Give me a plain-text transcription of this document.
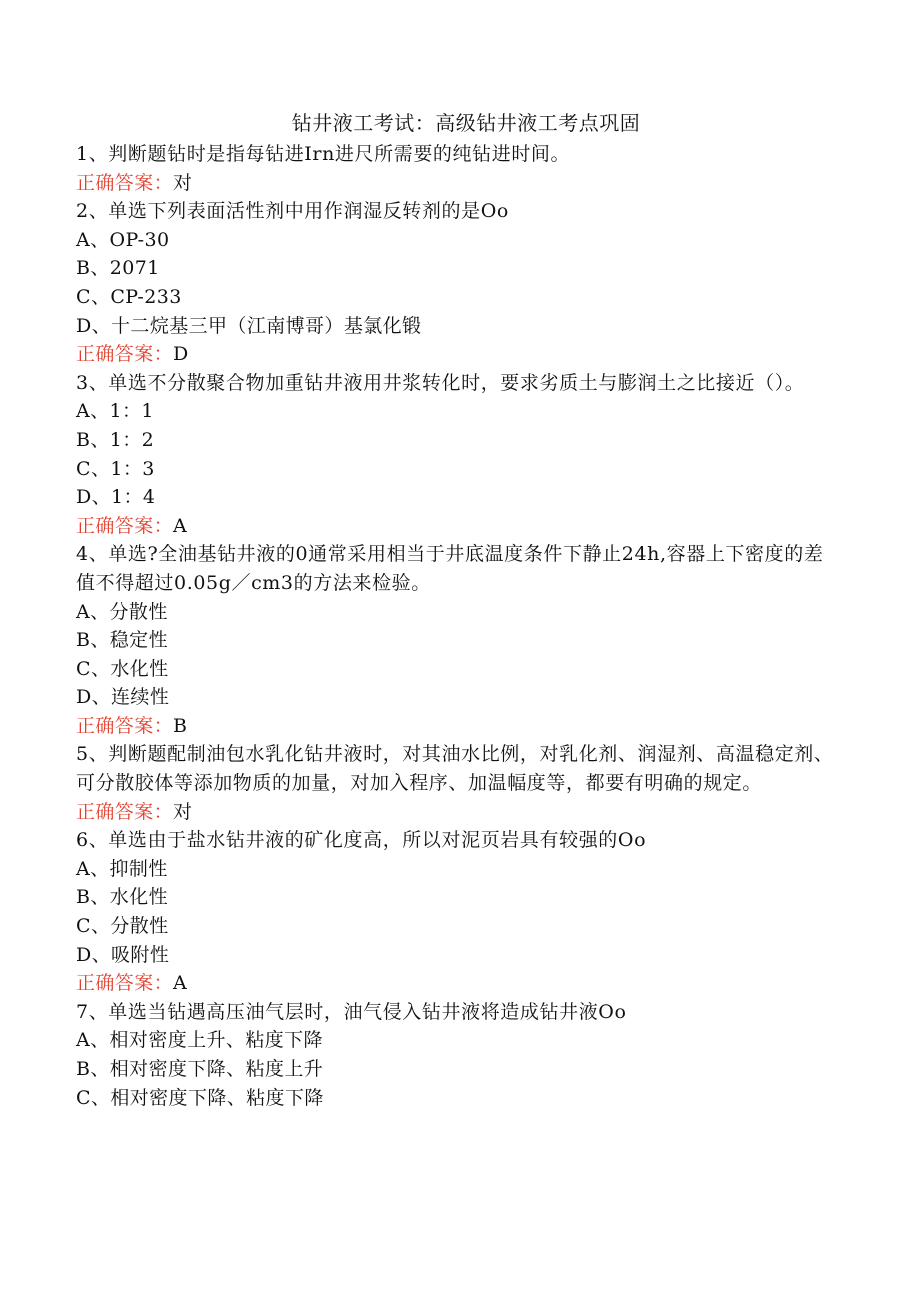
钻井液工考试：高级钻井液工考点巩固
1、判断题钻时是指每钻进Irn进尺所需要的纯钻进时间。
正确答案：对
2、单选下列表面活性剂中用作润湿反转剂的是Oo
A、OP-30
B、2071
C、CP-233
D、十二烷基三甲（江南博哥）基氯化锻
正确答案：D
3、单选不分散聚合物加重钻井液用井浆转化时，要求劣质土与膨润土之比接近（）。
A、1：1
B、1：2
C、1：3
D、1：4
正确答案：A
4、单选?全油基钻井液的0通常采用相当于井底温度条件下静止24h,容器上下密度的差值不得超过0.05g／cm3的方法来检验。
A、分散性
B、稳定性
C、水化性
D、连续性
正确答案：B
5、判断题配制油包水乳化钻井液时，对其油水比例，对乳化剂、润湿剂、高温稳定剂、可分散胶体等添加物质的加量，对加入程序、加温幅度等，都要有明确的规定。
正确答案：对
6、单选由于盐水钻井液的矿化度高，所以对泥页岩具有较强的Oo
A、抑制性
B、水化性
C、分散性
D、吸附性
正确答案：A
7、单选当钻遇高压油气层时，油气侵入钻井液将造成钻井液Oo
A、相对密度上升、粘度下降
B、相对密度下降、粘度上升
C、相对密度下降、粘度下降
